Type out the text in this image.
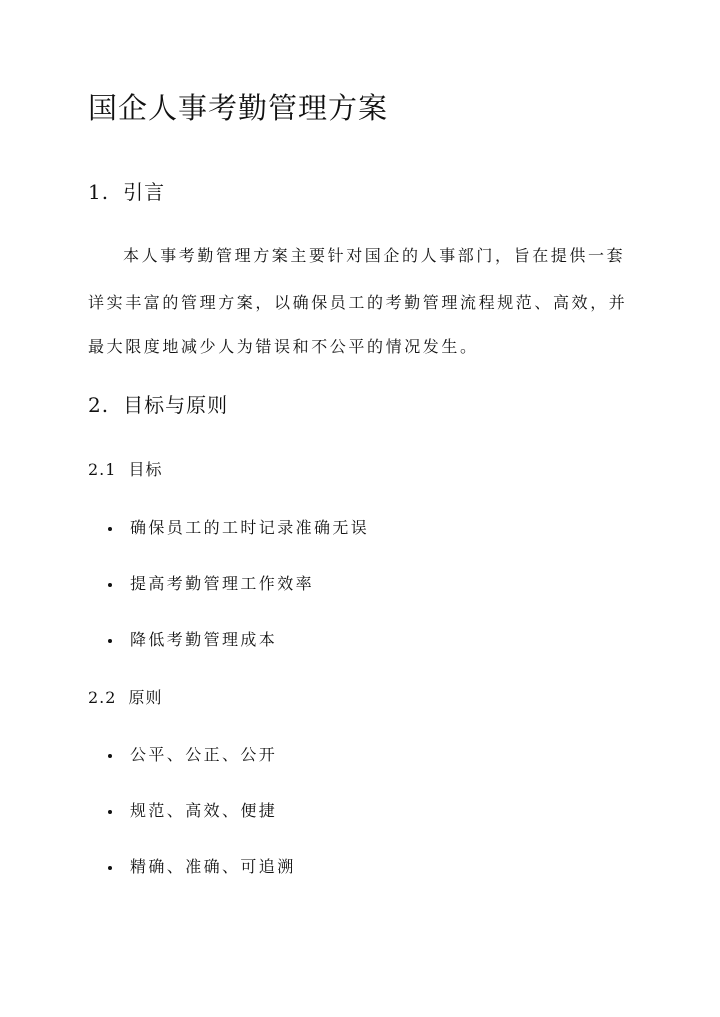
国企人事考勤管理方案
1. 引言

本人事考勤管理方案主要针对国企的人事部门，旨在提供一套

详实丰富的管理方案，以确保员工的考勤管理流程规范、高效，并

最大限度地减少人为错误和不公平的情况发生。

2. 目标与原则
2.1 目标
确保员工的工时记录准确无误
提高考勤管理工作效率
降低考勤管理成本
2.2 原则
公平、公正、公开
规范、高效、便捷
精确、准确、可追溯
